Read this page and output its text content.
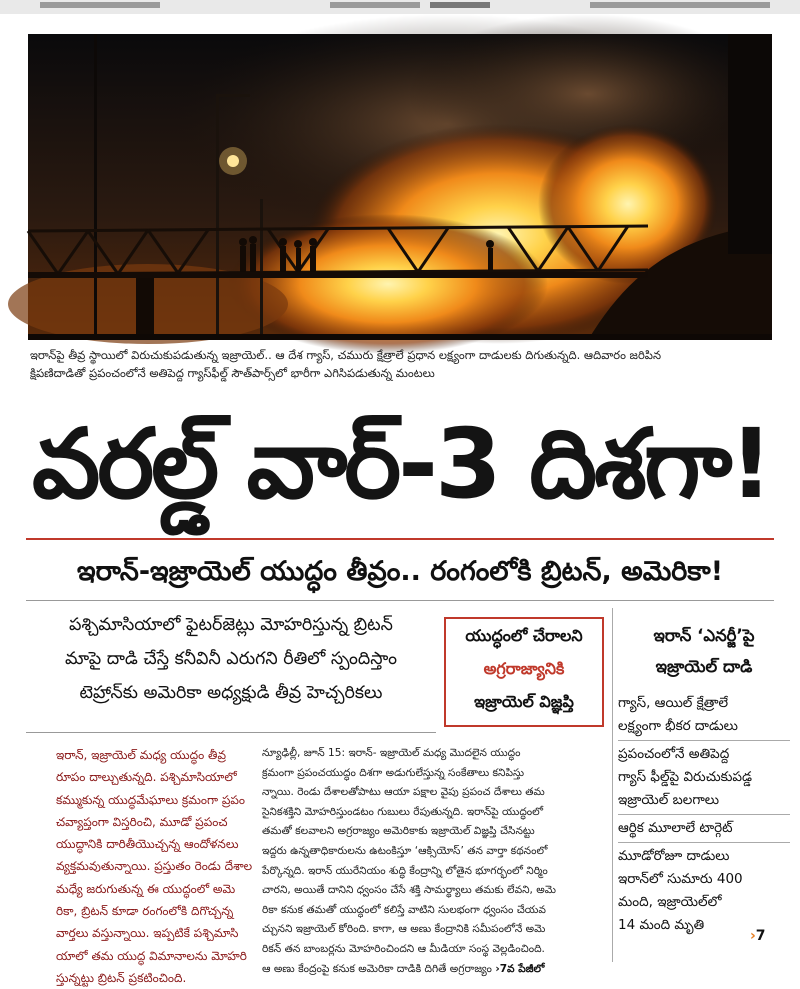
ఇరాన్‌పై తీవ్ర స్థాయిలో విరుచుకుపడుతున్న ఇజ్రాయెల్.. ఆ దేశ గ్యాస్, చమురు క్షేత్రాలే ప్రధాన లక్ష్యంగా దాడులకు దిగుతున్నది. ఆదివారం జరిపిన

క్షిపణిదాడితో ప్రపంచంలోనే అతిపెద్ద గ్యాస్‌ఫీల్డ్ సౌత్‌పార్స్‌లో భారీగా ఎగిసిపడుతున్న మంటలు

వరల్డ్ వార్‌-3 దిశగా!
ఇరాన్‌-ఇజ్రాయెల్‌ యుద్ధం తీవ్రం.. రంగంలోకి బ్రిటన్‌, అమెరికా!

పశ్చిమాసియాలో ఫైటర్‌జెట్లు మోహరిస్తున్న బ్రిటన్‌

మాపై దాడి చేస్తే కనీవినీ ఎరుగని రీతిలో స్పందిస్తాం

టెహ్రాన్‌కు అమెరికా అధ్యక్షుడి తీవ్ర హెచ్చరికలు

యుద్ధంలో చేరాలని

అగ్రరాజ్యానికి

ఇజ్రాయెల్‌ విజ్ఞప్తి

ఇరాన్‌ ‘ఎనర్జీ’పై

ఇజ్రాయెల్‌ దాడి

గ్యాస్‌, ఆయిల్‌ క్షేత్రాలే

లక్ష్యంగా భీకర దాడులు

ప్రపంచంలోనే అతిపెద్ద

గ్యాస్‌ ఫీల్డ్‌పై విరుచుకుపడ్డ

ఇజ్రాయెల్‌ బలగాలు

ఆర్థిక మూలాలే టార్గెట్‌

మూడోరోజూ దాడులు

ఇరాన్‌లో సుమారు 400

మంది, ఇజ్రాయెల్‌లో

14 మంది మృతి

›7

ఇరాన్‌, ఇజ్రాయెల్‌ మధ్య యుద్ధం తీవ్ర

రూపం దాల్చుతున్నది. పశ్చిమాసియాలో

కమ్ముకున్న యుద్ధమేఘాలు క్రమంగా ప్రపం

చవ్యాప్తంగా విస్తరించి, మూడో ప్రపంచ

యుద్ధానికి దారితీయొచ్చన్న ఆందోళనలు

వ్యక్తమవుతున్నాయి. ప్రస్తుతం రెండు దేశాల

మధ్యే జరుగుతున్న ఈ యుద్ధంలో అమె

రికా, బ్రిటన్‌ కూడా రంగంలోకి దిగొచ్చన్న

వార్తలు వస్తున్నాయి. ఇప్పటికే పశ్చిమాసి

యాలో తమ యుద్ధ విమానాలను మోహరి

స్తున్నట్టు బ్రిటన్‌ ప్రకటించింది.

న్యూఢిల్లీ, జూన్‌ 15: ఇరాన్‌- ఇజ్రాయెల్‌ మధ్య మొదలైన యుద్ధం

క్రమంగా ప్రపంచయుద్ధం దిశగా అడుగులేస్తున్న సంకేతాలు కనిపిస్తు

న్నాయి. రెండు దేశాలతోపాటు ఆయా పక్షాల వైపు ప్రపంచ దేశాలు తమ

సైనికశక్తిని మోహరిస్తుండటం గుబులు రేపుతున్నది. ఇరాన్‌పై యుద్ధంలో

తమతో కలవాలని అగ్రరాజ్యం అమెరికాకు ఇజ్రాయెల్‌ విజ్ఞప్తి చేసినట్టు

ఇద్దరు ఉన్నతాధికారులను ఉటంకిస్తూ ‘ఆక్సియోస్‌’ తన వార్తా కథనంలో

పేర్కొన్నది. ఇరాన్‌ యురేనియం శుద్ధి కేంద్రాన్ని లోతైన భూగర్భంలో నిర్మిం

చారని, అయితే దానిని ధ్వంసం చేసే శక్తి సామర్థ్యాలు తమకు లేవని, అమె

రికా కనుక తమతో యుద్ధంలో కలిస్తే వాటిని సులభంగా ధ్వంసం చేయవ

చ్చునని ఇజ్రాయెల్‌ కోరింది. కాగా, ఆ అణు కేంద్రానికి సమీపంలోనే అమె

రికన్‌ తన బాంబర్లను మోహరించిందని ఆ మీడియా సంస్థ వెల్లడించింది.

ఆ అణు కేంద్రంపై కనుక అమెరికా దాడికి దిగితే అగ్రరాజ్యం ›7వ పేజీలో
